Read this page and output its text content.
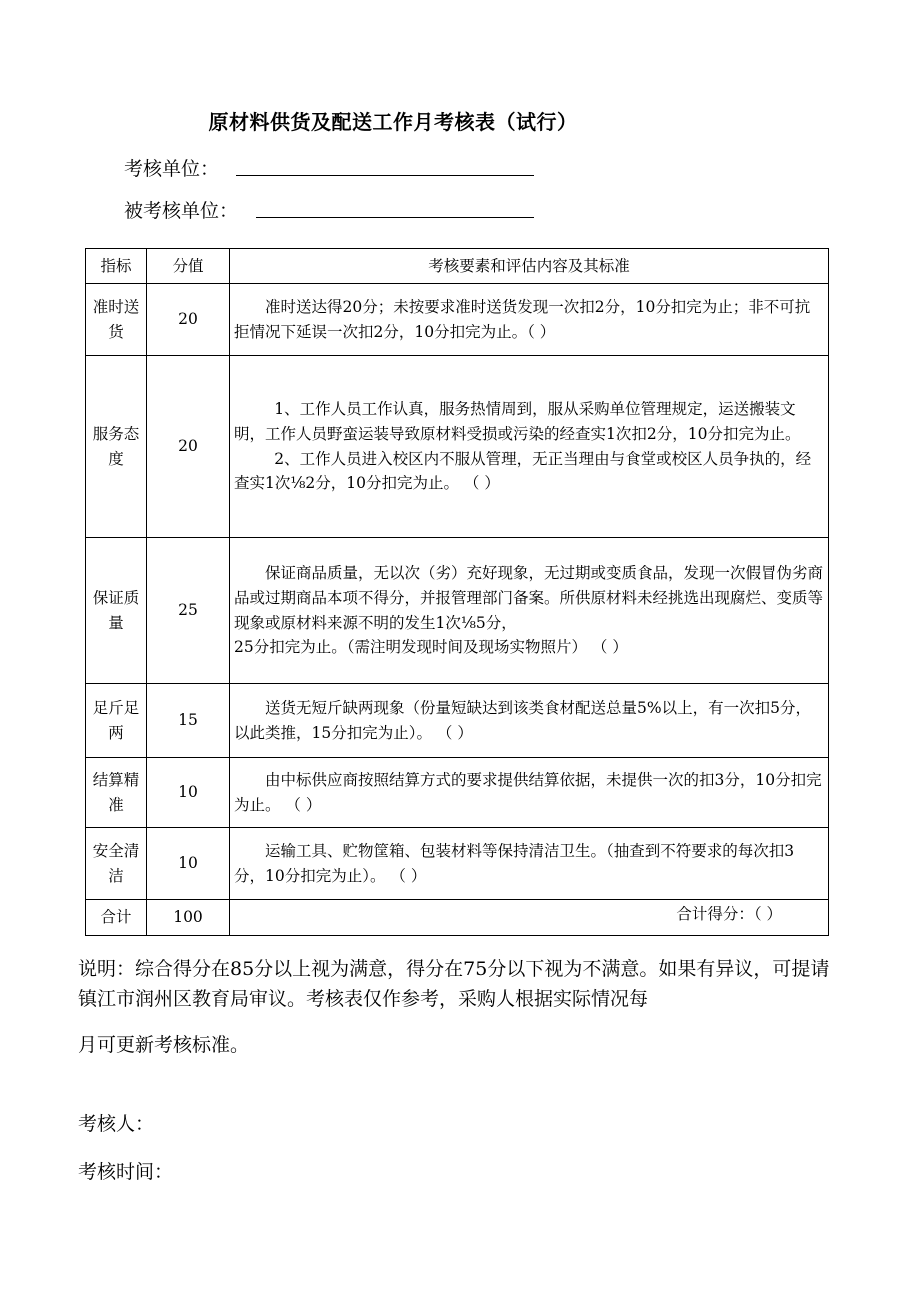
原材料供货及配送工作月考核表（试行）
考核单位：
被考核单位：
指标	分值	考核要素和评估内容及其标准
准时送货	20	准时送达得20分；未按要求准时送货发现一次扣2分，10分扣完为止；非不可抗拒情况下延误一次扣2分，10分扣完为止。（ ）

服务态度	20	1、工作人员工作认真，服务热情周到，服从采购单位管理规定，运送搬装文明，工作人员野蛮运装导致原材料受损或污染的经查实1次扣2分，10分扣完为止。
2、工作人员进入校区内不服从管理，无正当理由与食堂或校区人员争执的，经查实1次⅛2分，10分扣完为止。 （ ）

保证质量	25	保证商品质量，无以次（劣）充好现象，无过期或变质食品，发现一次假冒伪劣商品或过期商品本项不得分，并报管理部门备案。所供原材料未经挑选出现腐烂、变质等现象或原材料来源不明的发生1次⅛5分，
25分扣完为止。（需注明发现时间及现场实物照片） （ ）

足斤足两	15	送货无短斤缺两现象（份量短缺达到该类食材配送总量5%以上，有一次扣5分，以此类推，15分扣完为止）。 （ ）

结算精准	10	由中标供应商按照结算方式的要求提供结算依据，未提供一次的扣3分，10分扣完为止。 （ ）

安全清洁	10	运输工具、贮物筐箱、包装材料等保持清洁卫生。（抽查到不符要求的每次扣3分，10分扣完为止）。 （ ）

合计	100	合计得分：（ ）
说明：综合得分在85分以上视为满意，得分在75分以下视为不满意。如果有异议，可提请镇江市润州区教育局审议。考核表仅作参考，采购人根据实际情况每
月可更新考核标准。
考核人：
考核时间：
